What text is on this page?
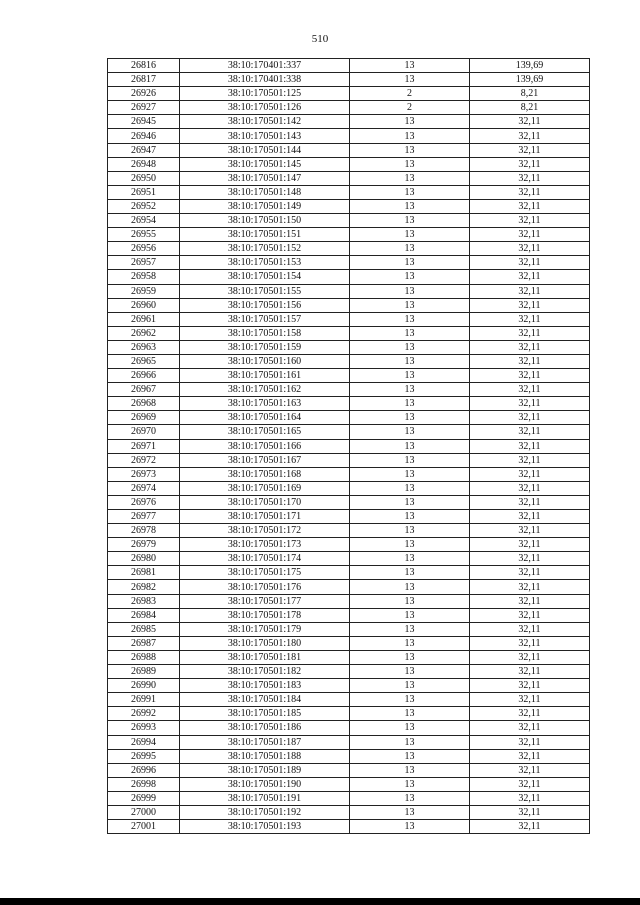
510
26816	38:10:170401:337	13	139,69
26817	38:10:170401:338	13	139,69
26926	38:10:170501:125	2	8,21
26927	38:10:170501:126	2	8,21
26945	38:10:170501:142	13	32,11
26946	38:10:170501:143	13	32,11
26947	38:10:170501:144	13	32,11
26948	38:10:170501:145	13	32,11
26950	38:10:170501:147	13	32,11
26951	38:10:170501:148	13	32,11
26952	38:10:170501:149	13	32,11
26954	38:10:170501:150	13	32,11
26955	38:10:170501:151	13	32,11
26956	38:10:170501:152	13	32,11
26957	38:10:170501:153	13	32,11
26958	38:10:170501:154	13	32,11
26959	38:10:170501:155	13	32,11
26960	38:10:170501:156	13	32,11
26961	38:10:170501:157	13	32,11
26962	38:10:170501:158	13	32,11
26963	38:10:170501:159	13	32,11
26965	38:10:170501:160	13	32,11
26966	38:10:170501:161	13	32,11
26967	38:10:170501:162	13	32,11
26968	38:10:170501:163	13	32,11
26969	38:10:170501:164	13	32,11
26970	38:10:170501:165	13	32,11
26971	38:10:170501:166	13	32,11
26972	38:10:170501:167	13	32,11
26973	38:10:170501:168	13	32,11
26974	38:10:170501:169	13	32,11
26976	38:10:170501:170	13	32,11
26977	38:10:170501:171	13	32,11
26978	38:10:170501:172	13	32,11
26979	38:10:170501:173	13	32,11
26980	38:10:170501:174	13	32,11
26981	38:10:170501:175	13	32,11
26982	38:10:170501:176	13	32,11
26983	38:10:170501:177	13	32,11
26984	38:10:170501:178	13	32,11
26985	38:10:170501:179	13	32,11
26987	38:10:170501:180	13	32,11
26988	38:10:170501:181	13	32,11
26989	38:10:170501:182	13	32,11
26990	38:10:170501:183	13	32,11
26991	38:10:170501:184	13	32,11
26992	38:10:170501:185	13	32,11
26993	38:10:170501:186	13	32,11
26994	38:10:170501:187	13	32,11
26995	38:10:170501:188	13	32,11
26996	38:10:170501:189	13	32,11
26998	38:10:170501:190	13	32,11
26999	38:10:170501:191	13	32,11
27000	38:10:170501:192	13	32,11
27001	38:10:170501:193	13	32,11
